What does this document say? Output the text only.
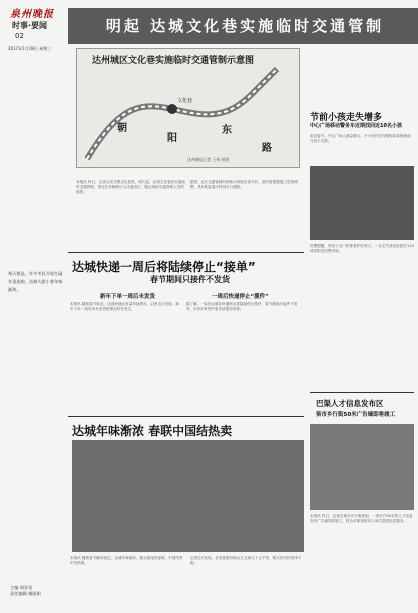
泉州晚报
时事·要闻
02
明起 达城文化巷实施临时交通管制
2017年1月18日 星期三
朝
阳
东
路
文化巷
达州晚报记者 王伟 制图
达州城区文化巷实施临时交通管制示意图
本报讯 昨日，记者从市交警支队获悉，明天起，达城文化巷将实施临时交通管制，请过往车辆和行人注意绕行，服从现场交通管理人员的指挥。
据悉，此次交通管制时间预计持续至春节后，届时将根据施工进度调整，具体恢复通行时间另行通知。
节前小孩走失增多
中心广场移动警务车近期找回近10名小孩
临近春节，中心广场人流量增大，不少家长因为购物或看热闹而与孩子走散。
民警提醒，带孩子出门时要看护好孩子，一旦走失请及时拨打110或向附近民警求助。
每天都是，许多市民开始忙碌年货选购，达城大街小巷年味渐浓。
达城快递一周后将陆续停止“接单”
春节期间只接件不发货
新年下单一周后未发货	一周后快递停止“揽件”
本报讯 随着春节临近，达城快递业务量持续增长。记者走访发现，新年下单一周后仍未发货的情况时有发生。
据了解，一周后达城各快递网点将陆续停止揽件，春节期间只接件不发货，市民如有寄件需求请提前安排。
达城年味渐浓 春联中国结热卖
本报讯 随着春节脚步临近，达城年味渐浓，街头巷尾的春联、中国结等年货热销。
记者走访发现，各类春联价格从几元到几十元不等，购买的市民络绎不绝。
巴渠人才信息发布区
柴市乡行街50米广告墙即将竣工
本报讯 昨日，记者在柴市乡行街看到，一块长约50米的人才信息发布广告墙即将竣工，将为求职者和用人单位提供信息服务。
主编 胡亚男
责任编辑 谢丽娟
